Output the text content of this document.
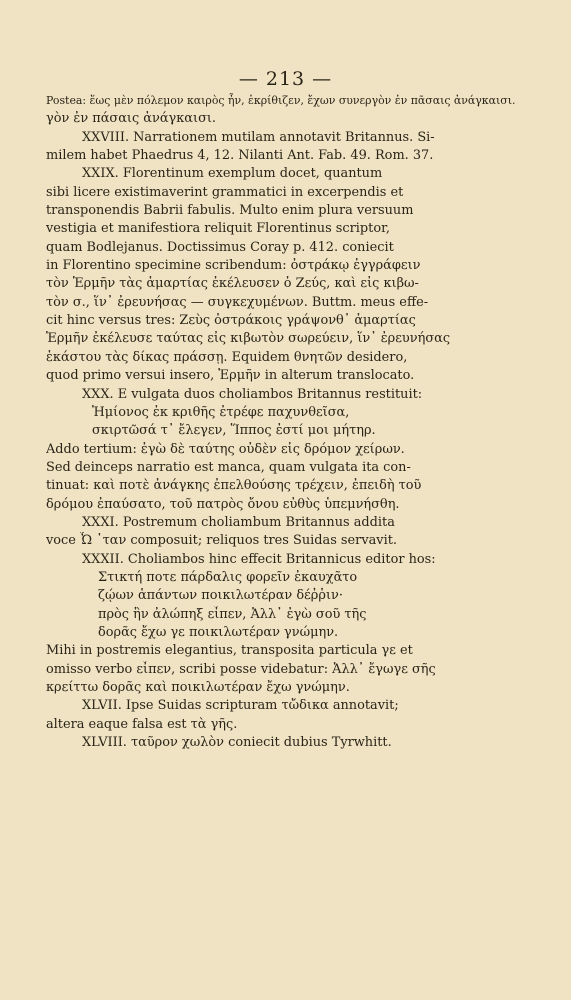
— 213 —
Postea: ἕως μὲν πόλεμον καιρὸς ἦν, ἐκρίθιζεν, ἔχων συνεργὸν ἐν πᾶσαις ἀνάγκαισι.
γὸν ἐν πάσαις ἀνάγκαισι.
XXVIII. Narrationem mutilam annotavit Britannus. Si-
milem habet Phaedrus 4, 12. Nilanti Ant. Fab. 49. Rom. 37.
XXIX. Florentinum exemplum docet, quantum
sibi licere existimaverint grammatici in excerpendis et
transponendis Babrii fabulis. Multo enim plura versuum
vestigia et manifestiora reliquit Florentinus scriptor,
quam Bodlejanus. Doctissimus Coray p. 412. coniecit
in Florentino specimine scribendum: ὀστράκῳ ἐγγράφειν
τὸν Ἑρμῆν τὰς ἁμαρτίας ἐκέλευσεν ὁ Ζεύς, καὶ εἰς κιβω-
τὸν σ., ἵν᾽ ἐρευνήσας — συγκεχυμένων. Buttm. meus effe-
cit hinc versus tres: Ζεὺς ὀστράκοις γράψονθ᾽ ἁμαρτίας
Ἑρμῆν ἐκέλευσε ταύτας εἰς κιβωτὸν σωρεύειν, ἵν᾽ ἐρευνήσας
ἑκάστου τὰς δίκας πράσσῃ. Equidem θνητῶν desidero,
quod primo versui insero, Ἑρμῆν in alterum translocato.
XXX. E vulgata duos choliambos Britannus restituit:
Ἡμίονος ἐκ κριθῆς ἐτρέφε παχυνθεῖσα,
σκιρτῶσά τ᾽ ἔλεγεν, Ἵππος ἐστί μοι μήτηρ.
Addo tertium: ἐγὼ δὲ ταύτης οὐδὲν εἰς δρόμον χείρων.
Sed deinceps narratio est manca, quam vulgata ita con-
tinuat: καὶ ποτὲ ἀνάγκης ἐπελθούσης τρέχειν, ἐπειδὴ τοῦ
δρόμου ἐπαύσατο, τοῦ πατρὸς ὄνου εὐθὺς ὑπεμνήσθη.
XXXI. Postremum choliambum Britannus addita
voce Ὦ ᾽ταν composuit; reliquos tres Suidas servavit.
XXXII. Choliambos hinc effecit Britannicus editor hos:
Στικτή ποτε πάρδαλις φορεῖν ἐκαυχᾶτο
ζῴων ἁπάντων ποικιλωτέραν δέῤῥιν·
πρὸς ἣν ἀλώπηξ εἶπεν, Ἀλλ᾽ ἐγὼ σοῦ τῆς
δορᾶς ἔχω γε ποικιλωτέραν γνώμην.
Mihi in postremis elegantius, transposita particula γε et
omisso verbo εἶπεν, scribi posse videbatur: Ἀλλ᾽ ἔγωγε σῆς
κρείττω δορᾶς καὶ ποικιλωτέραν ἔχω γνώμην.
XLVII. Ipse Suidas scripturam τὤδικα annotavit;
altera eaque falsa est τὰ γῆς.
XLVIII. ταῦρον χωλὸν coniecit dubius Tyrwhitt.
